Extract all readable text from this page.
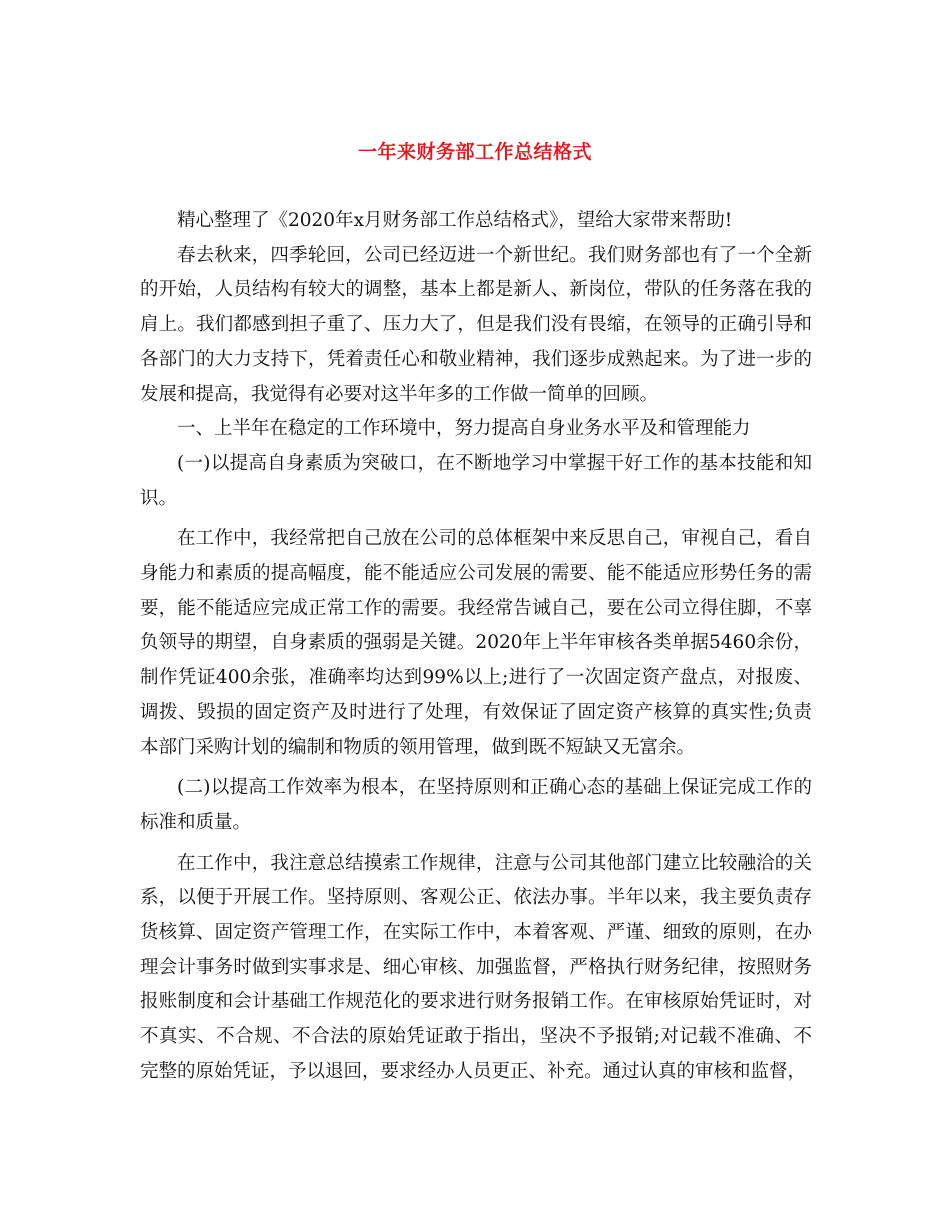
一年来财务部工作总结格式

精心整理了《2020年x月财务部工作总结格式》，望给大家带来帮助!

春去秋来，四季轮回，公司已经迈进一个新世纪。我们财务部也有了一个全新的开始，人员结构有较大的调整，基本上都是新人、新岗位，带队的任务落在我的肩上。我们都感到担子重了、压力大了，但是我们没有畏缩，在领导的正确引导和各部门的大力支持下，凭着责任心和敬业精神，我们逐步成熟起来。为了进一步的发展和提高，我觉得有必要对这半年多的工作做一简单的回顾。

一、上半年在稳定的工作环境中，努力提高自身业务水平及和管理能力

(一)以提高自身素质为突破口，在不断地学习中掌握干好工作的基本技能和知识。

在工作中，我经常把自己放在公司的总体框架中来反思自己，审视自己，看自身能力和素质的提高幅度，能不能适应公司发展的需要、能不能适应形势任务的需要，能不能适应完成正常工作的需要。我经常告诫自己，要在公司立得住脚，不辜负领导的期望，自身素质的强弱是关键。2020年上半年审核各类单据5460余份，制作凭证400余张，准确率均达到99%以上;进行了一次固定资产盘点，对报废、调拨、毁损的固定资产及时进行了处理，有效保证了固定资产核算的真实性;负责本部门采购计划的编制和物质的领用管理，做到既不短缺又无富余。

(二)以提高工作效率为根本，在坚持原则和正确心态的基础上保证完成工作的标准和质量。

在工作中，我注意总结摸索工作规律，注意与公司其他部门建立比较融洽的关系，以便于开展工作。坚持原则、客观公正、依法办事。半年以来，我主要负责存货核算、固定资产管理工作，在实际工作中，本着客观、严谨、细致的原则，在办理会计事务时做到实事求是、细心审核、加强监督，严格执行财务纪律，按照财务报账制度和会计基础工作规范化的要求进行财务报销工作。在审核原始凭证时，对不真实、不合规、不合法的原始凭证敢于指出，坚决不予报销;对记载不准确、不完整的原始凭证，予以退回，要求经办人员更正、补充。通过认真的审核和监督，
